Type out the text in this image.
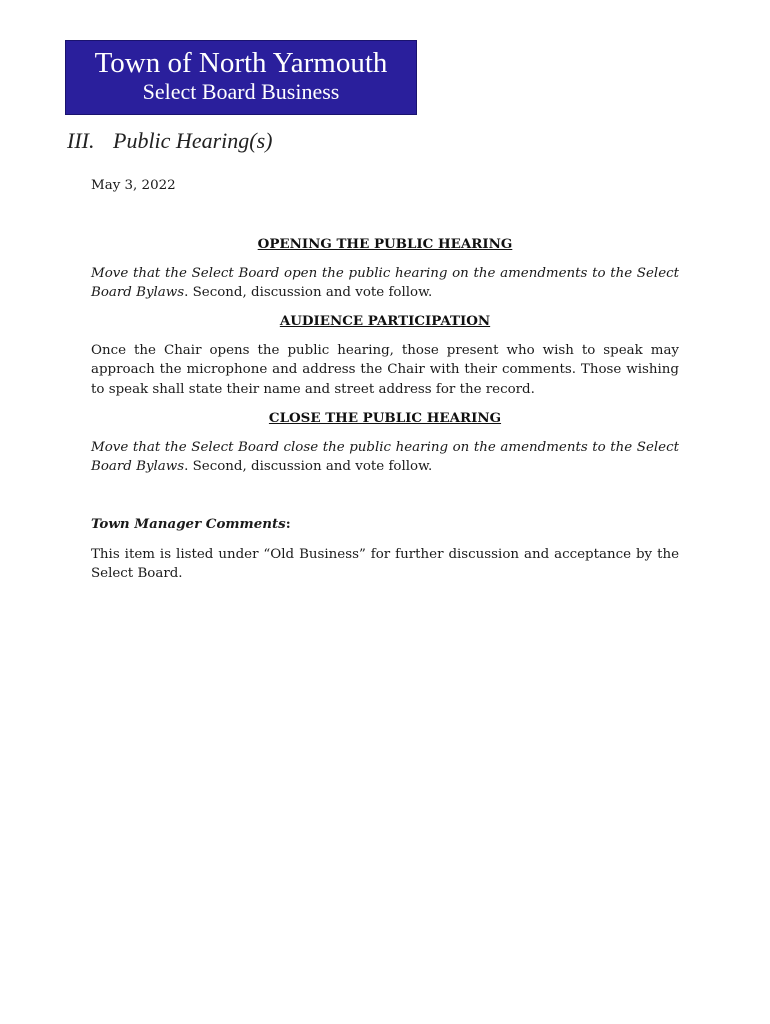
Town of North Yarmouth
Select Board Business
III. Public Hearing(s)
May 3, 2022
OPENING THE PUBLIC HEARING
Move that the Select Board open the public hearing on the amendments to the Select Board Bylaws. Second, discussion and vote follow.
AUDIENCE PARTICIPATION
Once the Chair opens the public hearing, those present who wish to speak may approach the microphone and address the Chair with their comments. Those wishing to speak shall state their name and street address for the record.
CLOSE THE PUBLIC HEARING
Move that the Select Board close the public hearing on the amendments to the Select Board Bylaws. Second, discussion and vote follow.
Town Manager Comments:
This item is listed under “Old Business” for further discussion and acceptance by the Select Board.
